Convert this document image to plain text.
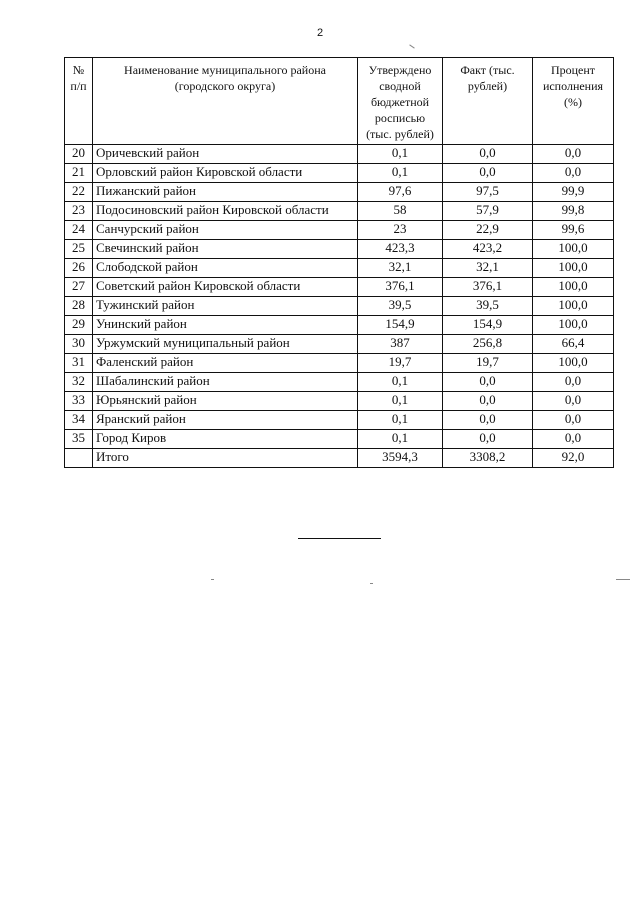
2
№ п/п	Наименование муниципального района (городского округа)	Утверждено сводной бюджетной росписью (тыс. рублей)	Факт (тыс. рублей)	Процент исполнения (%)
20	Оричевский район	0,1	0,0	0,0
21	Орловский район Кировской области	0,1	0,0	0,0
22	Пижанский район	97,6	97,5	99,9
23	Подосиновский район Кировской области	58	57,9	99,8
24	Санчурский район	23	22,9	99,6
25	Свечинский район	423,3	423,2	100,0
26	Слободской район	32,1	32,1	100,0
27	Советский район Кировской области	376,1	376,1	100,0
28	Тужинский район	39,5	39,5	100,0
29	Унинский район	154,9	154,9	100,0
30	Уржумский муниципальный район	387	256,8	66,4
31	Фаленский район	19,7	19,7	100,0
32	Шабалинский район	0,1	0,0	0,0
33	Юрьянский район	0,1	0,0	0,0
34	Яранский район	0,1	0,0	0,0
35	Город Киров	0,1	0,0	0,0
	Итого	3594,3	3308,2	92,0
